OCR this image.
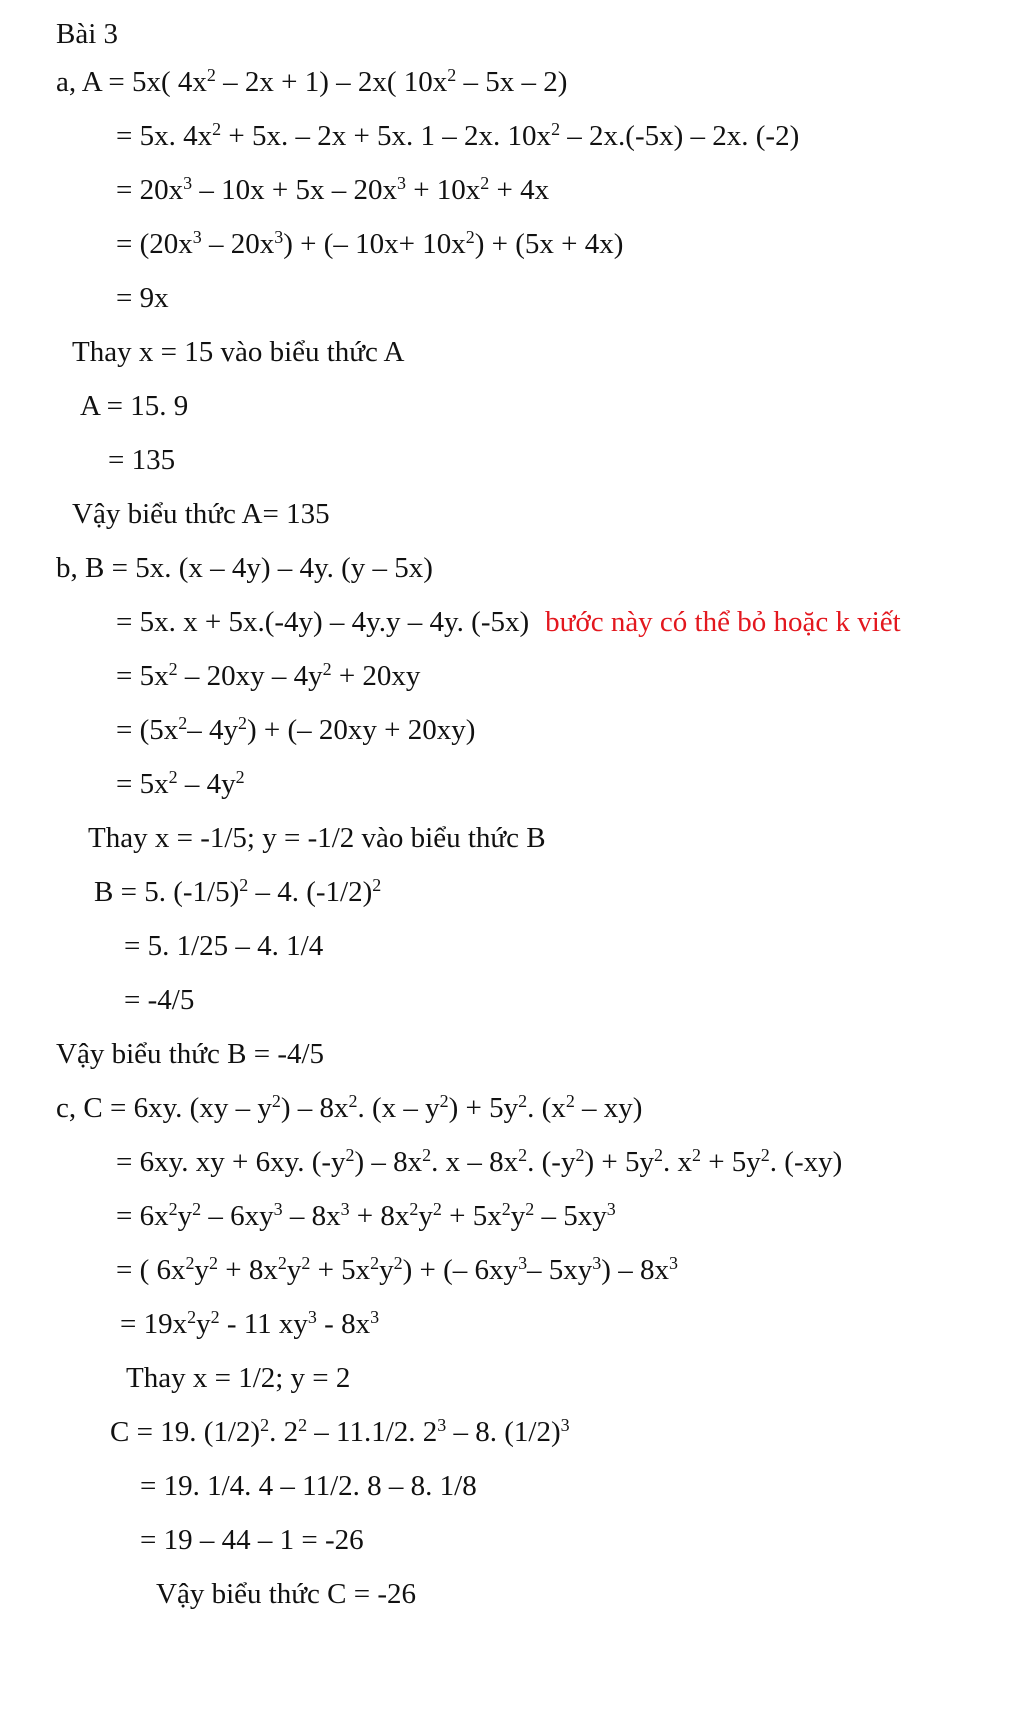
Bài 3
a, A = 5x( $4x^2 - 2x + 1) - 2x$( $10x^2 - 5x - 2$)
= 5x. $4x^2 + 5x$. – 2x + 5x. 1 – 2x. $10x^2 - 2x.(-5x) - 2x$. (-2)
= $20x^3 - 10x + 5x - 20x^3 + 10x^2 + 4x$
= $(20x^3 - 20x^3)$ + (– $10x+ 10x^2) + (5x + 4x)$
= 9x
Thay x = 15 vào biểu thức A
A = 15. 9
= 135
Vậy biểu thức A= 135
b, B = 5x. (x – 4y) – 4y. (y – 5x)
= 5x. x + 5x.(-4y) – 4y.y – 4y. (-5x) bước này có thể bỏ hoặc k viết
= $5x^2 - 20xy - 4y^2 + 20xy$
= ($5x^2-$ $4y^2$) + (– 20xy + 20xy)
= $5x^2 - 4y^2$
Thay x = -1/5; y = -1/2 vào biểu thức B
B = 5. $(-1/5)^2 - 4$. $(-1/2)^2$
= 5. 1/25 – 4. 1/4
= -4/5
Vậy biểu thức B = -4/5
c, C = 6xy. $(xy - y^2) - 8x^2$. $(x - y^2) + 5y^2$. $(x^2 - xy)$
= 6xy. xy + 6xy. $(-y^2) - 8x^2$. x – $8x^2$. $(-y^2) + 5y^2$. $x^2 + 5y^2$. (-xy)
= $6x^2y^2 - 6xy^3 - 8x^3 + 8x^2y^2 + 5x^2y^2 - 5xy^3$
= ( $6x^2y^2 + 8x^2y^2 + 5x^2y^2$) + (– $6xy^3-$ $5xy^3) - 8x^3$
= $19x^2y^2 - 11$ $xy^3 - 8x^3$
Thay x = 1/2; y = 2
C = 19. $(1/2)^2$. $2^2 - 11.1/2$. $2^3 - 8$. $(1/2)^3$
= 19. 1/4. 4 – 11/2. 8 – 8. 1/8
= 19 – 44 – 1 = -26
Vậy biểu thức C = -26
